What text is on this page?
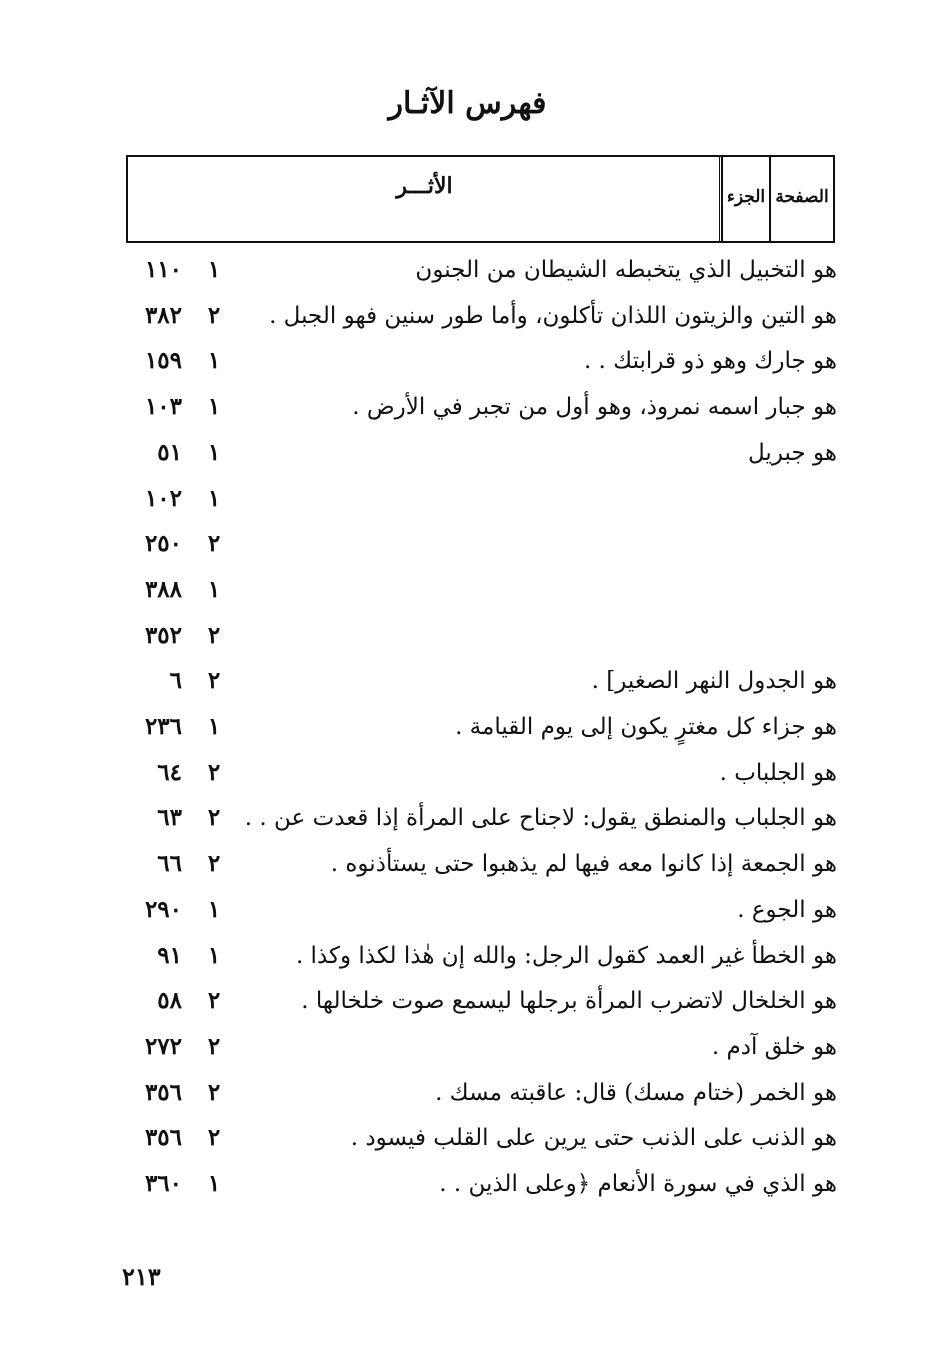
فهرس الآثـار
الأثـــر	الجزء الصفحة
هو التخبيل الذي يتخبطه الشيطان من الجنون
١
١١٠
هو التين والزيتون اللذان تأكلون، وأما طور سنين فهو الجبل .
٢
٣٨٢
هو جارك وهو ذو قرابتك . .
١
١٥٩
هو جبار اسمه نمروذ، وهو أول من تجبر في الأرض .
١
١٠٣
هو جبريل
١
٥١
١
١٠٢
٢
٢٥٠
١
٣٨٨
٢
٣٥٢
هو الجدول النهر الصغير] .
٢
٦
هو جزاء كل مغترٍ يكون إلى يوم القيامة .
١
٢٣٦
هو الجلباب .
٢
٦٤
هو الجلباب والمنطق يقول: لاجناح على المرأة إذا قعدت عن . .
٢
٦٣
هو الجمعة إذا كانوا معه فيها لم يذهبوا حتى يستأذنوه .
٢
٦٦
هو الجوع .
١
٢٩٠
هو الخطأ غير العمد كقول الرجل: والله إن هٰذا لكذا وكذا .
١
٩١
هو الخلخال لاتضرب المرأة برجلها ليسمع صوت خلخالها .
٢
٥٨
هو خلق آدم .
٢
٢٧٢
هو الخمر (ختام مسك) قال: عاقبته مسك .
٢
٣٥٦
هو الذنب على الذنب حتى يرين على القلب فيسود .
٢
٣٥٦
هو الذي في سورة الأنعام ﴿وعلى الذين . .
١
٣٦٠
٢١٣
